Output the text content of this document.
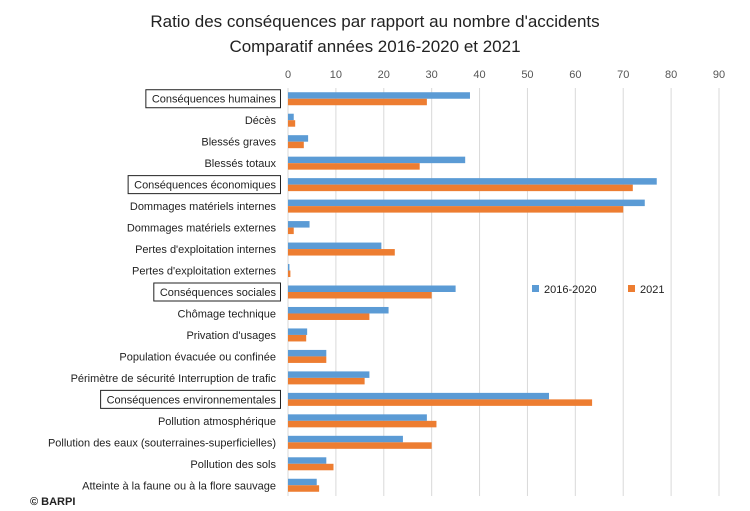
Ratio des conséquences par rapport au nombre d'accidents
Comparatif années 2016-2020 et 2021
0	10	20	30	40	50	60	70	80	90
Conséquences humaines
Décès
Blessés graves
Blessés totaux
Conséquences économiques
Dommages matériels internes
Dommages matériels externes
Pertes d'exploitation internes
Pertes d'exploitation externes
Conséquences sociales
Chômage technique
Privation d'usages
Population évacuée ou confinée
Périmètre de sécurité Interruption de trafic
Conséquences environnementales
Pollution atmosphérique
Pollution des eaux (souterraines-superficielles)
Pollution des sols
Atteinte à la faune ou à la flore sauvage
2016-2020	2021
© BARPI
